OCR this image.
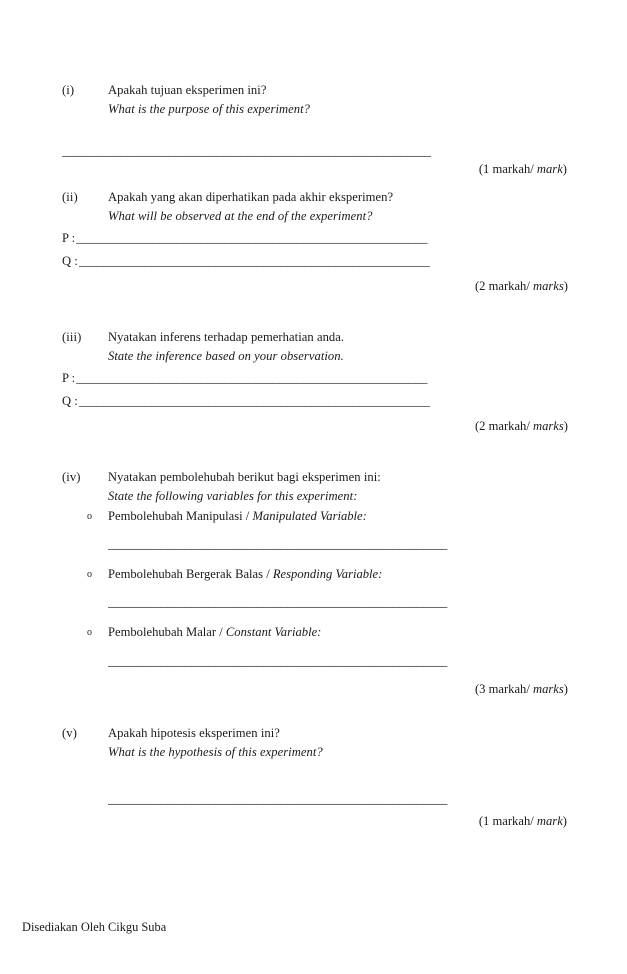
(i)	Apakah tujuan eksperimen ini?
What is the purpose of this experiment?
______________________________________________________________
(1 markah/ mark)
(ii)	Apakah yang akan diperhatikan pada akhir eksperimen?
What will be observed at the end of the experiment?
P : ___________________________________________________________
Q : ___________________________________________________________
(2 markah/ marks)
(iii)	Nyatakan inferens terhadap pemerhatian anda.
State the inference based on your observation.
P : ___________________________________________________________
Q : ___________________________________________________________
(2 markah/ marks)
(iv)	Nyatakan pembolehubah berikut bagi eksperimen ini:
State the following variables for this experiment:
o	Pembolehubah Manipulasi / Manipulated Variable:
_________________________________________________________
o	Pembolehubah Bergerak Balas / Responding Variable:
_________________________________________________________
o	Pembolehubah Malar / Constant Variable:
_________________________________________________________
(3 markah/ marks)
(v)	Apakah hipotesis eksperimen ini?
What is the hypothesis of this experiment?
_________________________________________________________
(1 markah/ mark)
Disediakan Oleh Cikgu Suba
